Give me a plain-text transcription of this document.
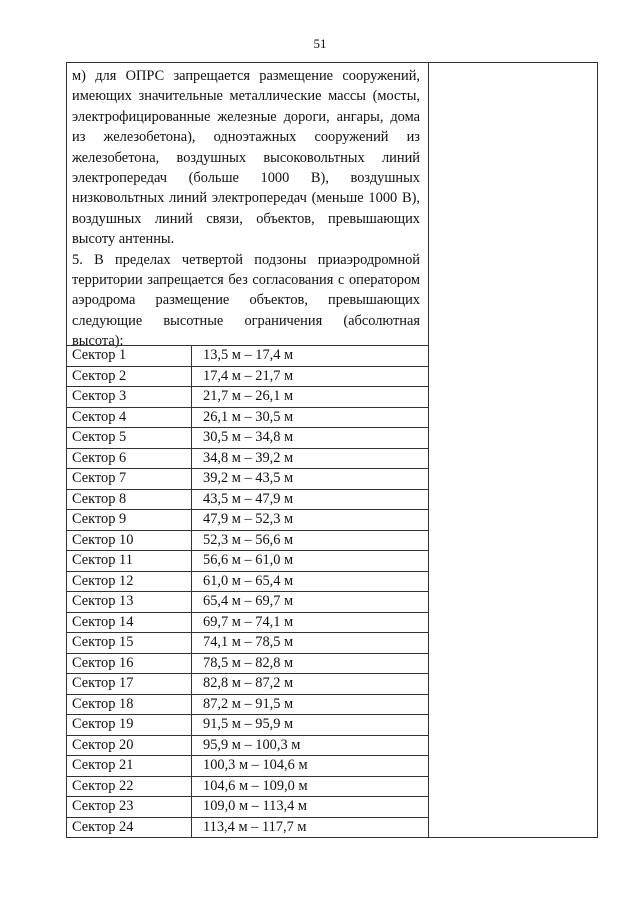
51

м) для ОПРС запрещается размещение сооружений, имеющих значительные металлические массы (мосты, электрофицированные железные дороги, ангары, дома из железобетона), одноэтажных сооружений из железобетона, воздушных высоковольтных линий электропередач (больше 1000 В), воздушных низковольтных линий электропередач (меньше 1000 В), воздушных линий связи, объектов, превышающих высоту антенны.

5. В пределах четвертой подзоны приаэродромной территории запрещается без согласования с оператором аэродрома размещение объектов, превышающих следующие высотные ограничения (абсолютная высота):

Сектор 1	13,5 м – 17,4 м
Сектор 2	17,4 м – 21,7 м
Сектор 3	21,7 м – 26,1 м
Сектор 4	26,1 м – 30,5 м
Сектор 5	30,5 м – 34,8 м
Сектор 6	34,8 м – 39,2 м
Сектор 7	39,2 м – 43,5 м
Сектор 8	43,5 м – 47,9 м
Сектор 9	47,9 м – 52,3 м
Сектор 10	52,3 м – 56,6 м
Сектор 11	56,6 м – 61,0 м
Сектор 12	61,0 м – 65,4 м
Сектор 13	65,4 м – 69,7 м
Сектор 14	69,7 м – 74,1 м
Сектор 15	74,1 м – 78,5 м
Сектор 16	78,5 м – 82,8 м
Сектор 17	82,8 м – 87,2 м
Сектор 18	87,2 м – 91,5 м
Сектор 19	91,5 м – 95,9 м
Сектор 20	95,9 м – 100,3 м
Сектор 21	100,3 м – 104,6 м
Сектор 22	104,6 м – 109,0 м
Сектор 23	109,0 м – 113,4 м
Сектор 24	113,4 м – 117,7 м
